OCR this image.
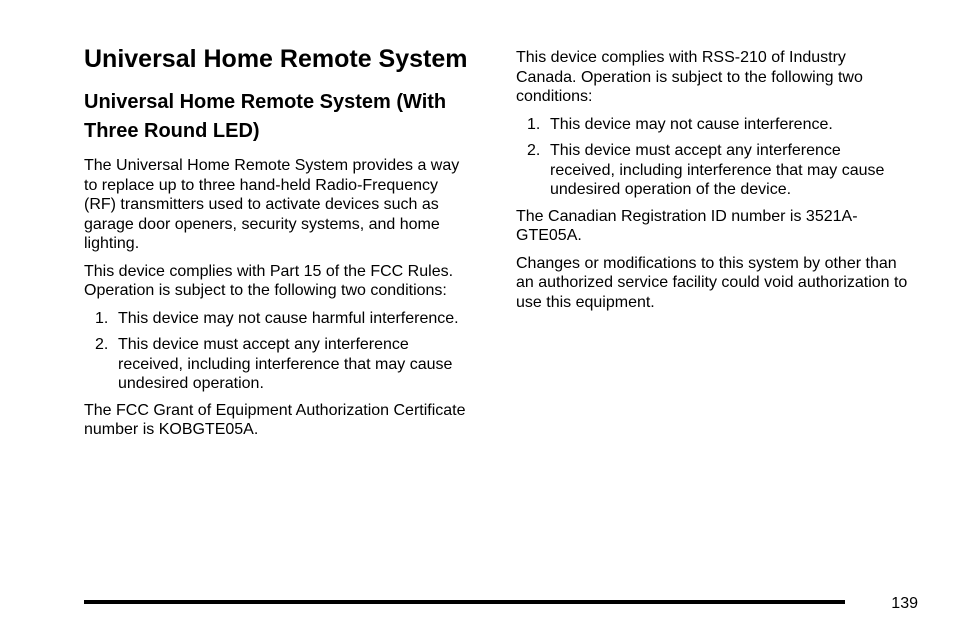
Universal Home Remote System
Universal Home Remote System (With Three Round LED)

The Universal Home Remote System provides a way to replace up to three hand-held Radio-Frequency (RF) transmitters used to activate devices such as garage door openers, security systems, and home lighting.

This device complies with Part 15 of the FCC Rules. Operation is subject to the following two conditions:

1. This device may not cause harmful interference.
2. This device must accept any interference received, including interference that may cause undesired operation.

The FCC Grant of Equipment Authorization Certificate number is KOBGTE05A.

This device complies with RSS-210 of Industry Canada. Operation is subject to the following two conditions:

1. This device may not cause interference.
2. This device must accept any interference received, including interference that may cause undesired operation of the device.

The Canadian Registration ID number is 3521A-GTE05A.

Changes or modifications to this system by other than an authorized service facility could void authorization to use this equipment.

139
